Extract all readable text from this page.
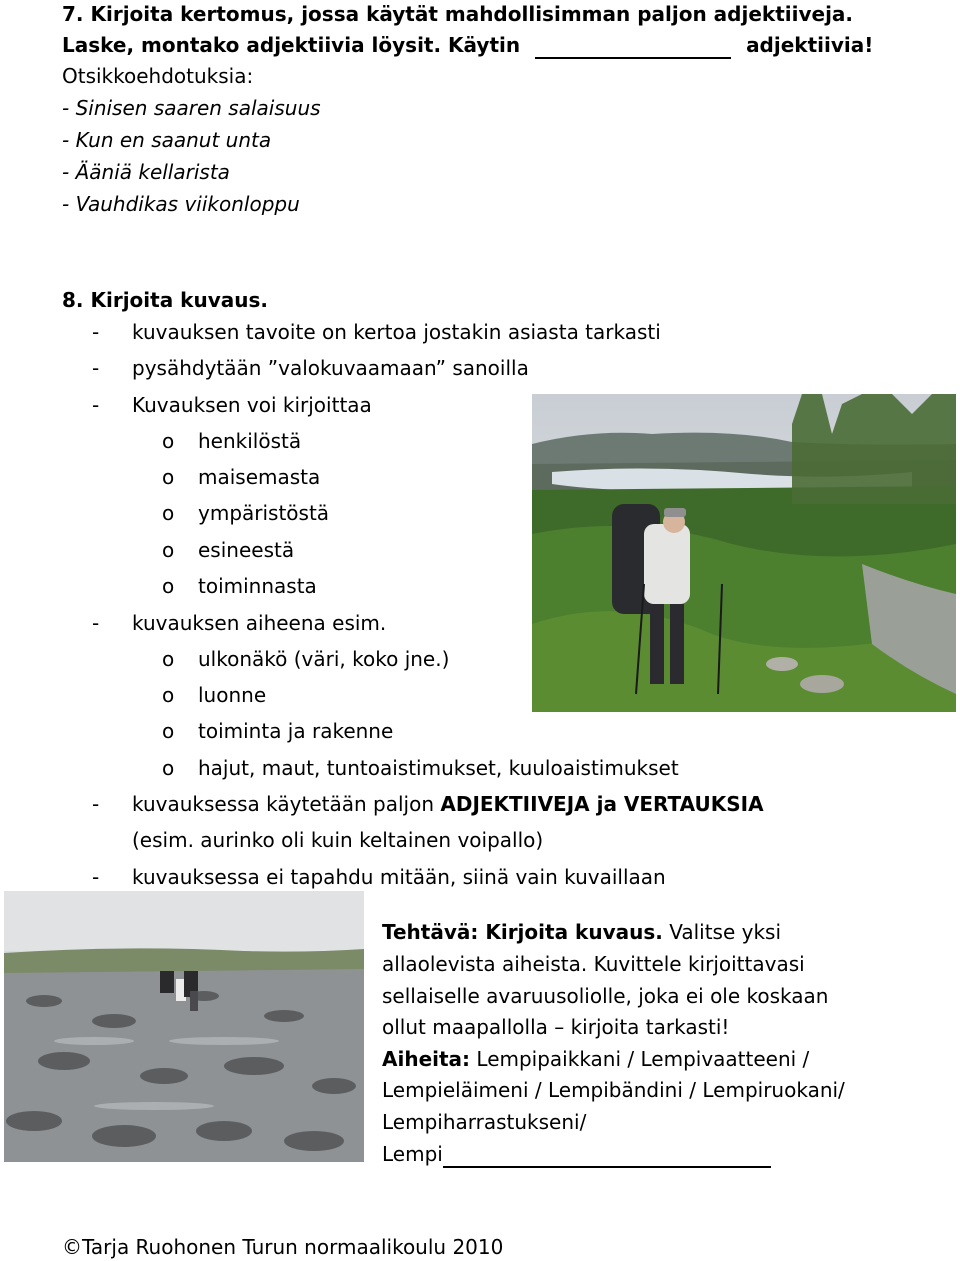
7. Kirjoita kertomus, jossa käytät mahdollisimman paljon adjektiiveja.
Laske, montako adjektiivia löysit. Käytin	adjektiivia!
Otsikkoehdotuksia:
- Sinisen saaren salaisuus
- Kun en saanut unta
- Ääniä kellarista
- Vauhdikas viikonloppu
8. Kirjoita kuvaus.
- kuvauksen tavoite on kertoa jostakin asiasta tarkasti
- pysähdytään ”valokuvaamaan” sanoilla
- Kuvauksen voi kirjoittaa
o henkilöstä
o maisemasta
o ympäristöstä
o esineestä
o toiminnasta
- kuvauksen aiheena esim.
o ulkonäkö (väri, koko jne.)
o luonne
o toiminta ja rakenne
o hajut, maut, tuntoaistimukset, kuuloaistimukset
- kuvauksessa käytetään paljon ADJEKTIIVEJA ja VERTAUKSIA
(esim. aurinko oli kuin keltainen voipallo)
- kuvauksessa ei tapahdu mitään, siinä vain kuvaillaan
Tehtävä: Kirjoita kuvaus. Valitse yksi
allaolevista aiheista. Kuvittele kirjoittavasi
sellaiselle avaruusoliolle, joka ei ole koskaan
ollut maapallolla – kirjoita tarkasti!
Aiheita: Lempipaikkani / Lempivaatteeni /
Lempieläimeni / Lempibändini / Lempiruokani/
Lempiharrastukseni/
Lempi
©Tarja Ruohonen Turun normaalikoulu 2010
